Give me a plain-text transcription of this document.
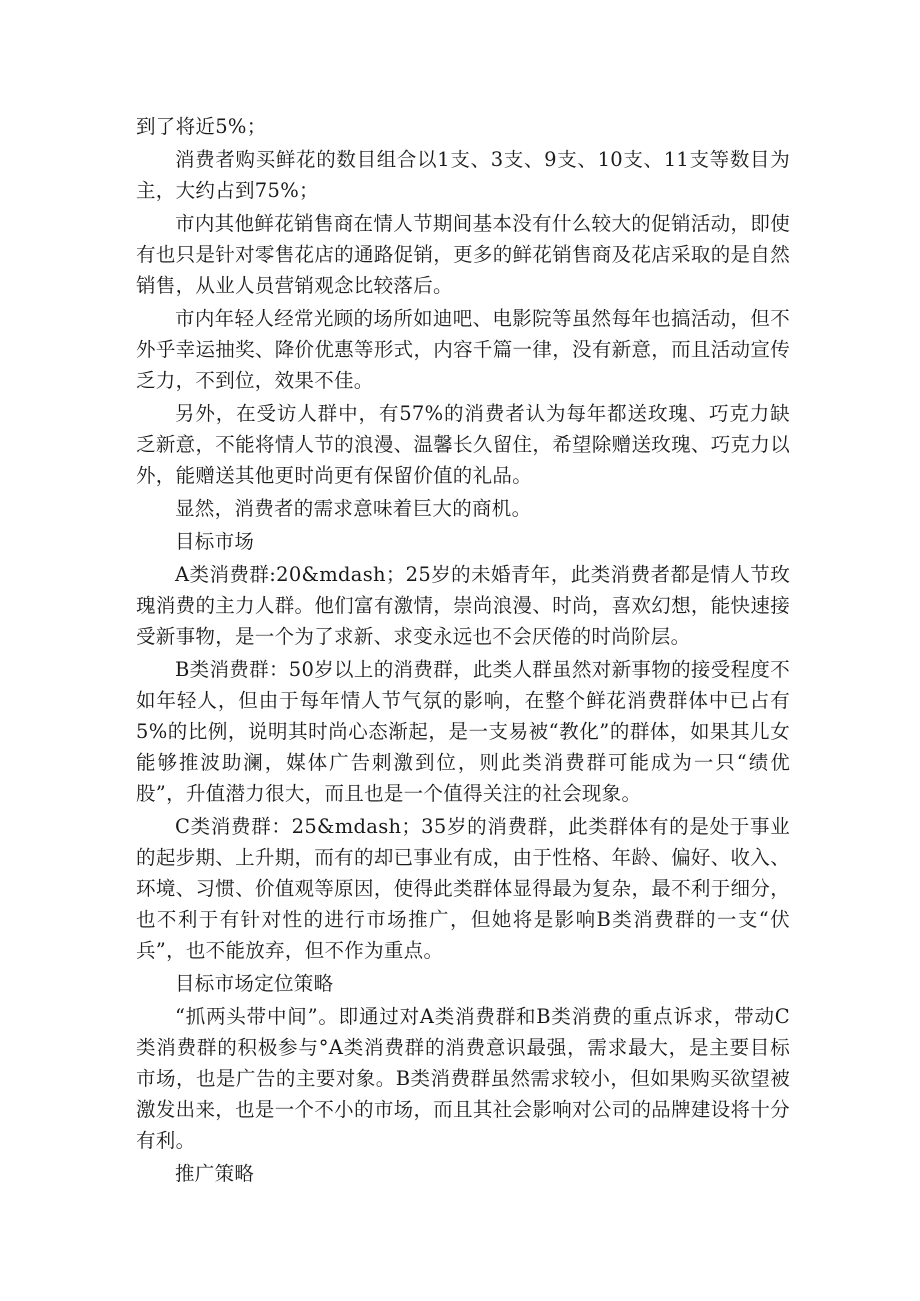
到了将近5%；

消费者购买鲜花的数目组合以1支、3支、9支、10支、11支等数目为主，大约占到75%；

市内其他鲜花销售商在情人节期间基本没有什么较大的促销活动，即使有也只是针对零售花店的通路促销，更多的鲜花销售商及花店采取的是自然销售，从业人员营销观念比较落后。

市内年轻人经常光顾的场所如迪吧、电影院等虽然每年也搞活动，但不外乎幸运抽奖、降价优惠等形式，内容千篇一律，没有新意，而且活动宣传乏力，不到位，效果不佳。

另外，在受访人群中，有57%的消费者认为每年都送玫瑰、巧克力缺乏新意，不能将情人节的浪漫、温馨长久留住，希望除赠送玫瑰、巧克力以外，能赠送其他更时尚更有保留价值的礼品。

显然，消费者的需求意味着巨大的商机。

目标市场

A类消费群:20&mdash；25岁的未婚青年，此类消费者都是情人节玫瑰消费的主力人群。他们富有激情，崇尚浪漫、时尚，喜欢幻想，能快速接受新事物，是一个为了求新、求变永远也不会厌倦的时尚阶层。

B类消费群：50岁以上的消费群，此类人群虽然对新事物的接受程度不如年轻人，但由于每年情人节气氛的影响，在整个鲜花消费群体中已占有5%的比例，说明其时尚心态渐起，是一支易被“教化”的群体，如果其儿女能够推波助澜，媒体广告刺激到位，则此类消费群可能成为一只“绩优股”，升值潜力很大，而且也是一个值得关注的社会现象。

C类消费群：25&mdash；35岁的消费群，此类群体有的是处于事业的起步期、上升期，而有的却已事业有成，由于性格、年龄、偏好、收入、环境、习惯、价值观等原因，使得此类群体显得最为复杂，最不利于细分，也不利于有针对性的进行市场推广，但她将是影响B类消费群的一支“伏兵”，也不能放弃，但不作为重点。

目标市场定位策略

“抓两头带中间”。即通过对A类消费群和B类消费的重点诉求，带动C类消费群的积极参与°A类消费群的消费意识最强，需求最大，是主要目标市场，也是广告的主要对象。B类消费群虽然需求较小，但如果购买欲望被激发出来，也是一个不小的市场，而且其社会影响对公司的品牌建设将十分有利。

推广策略
